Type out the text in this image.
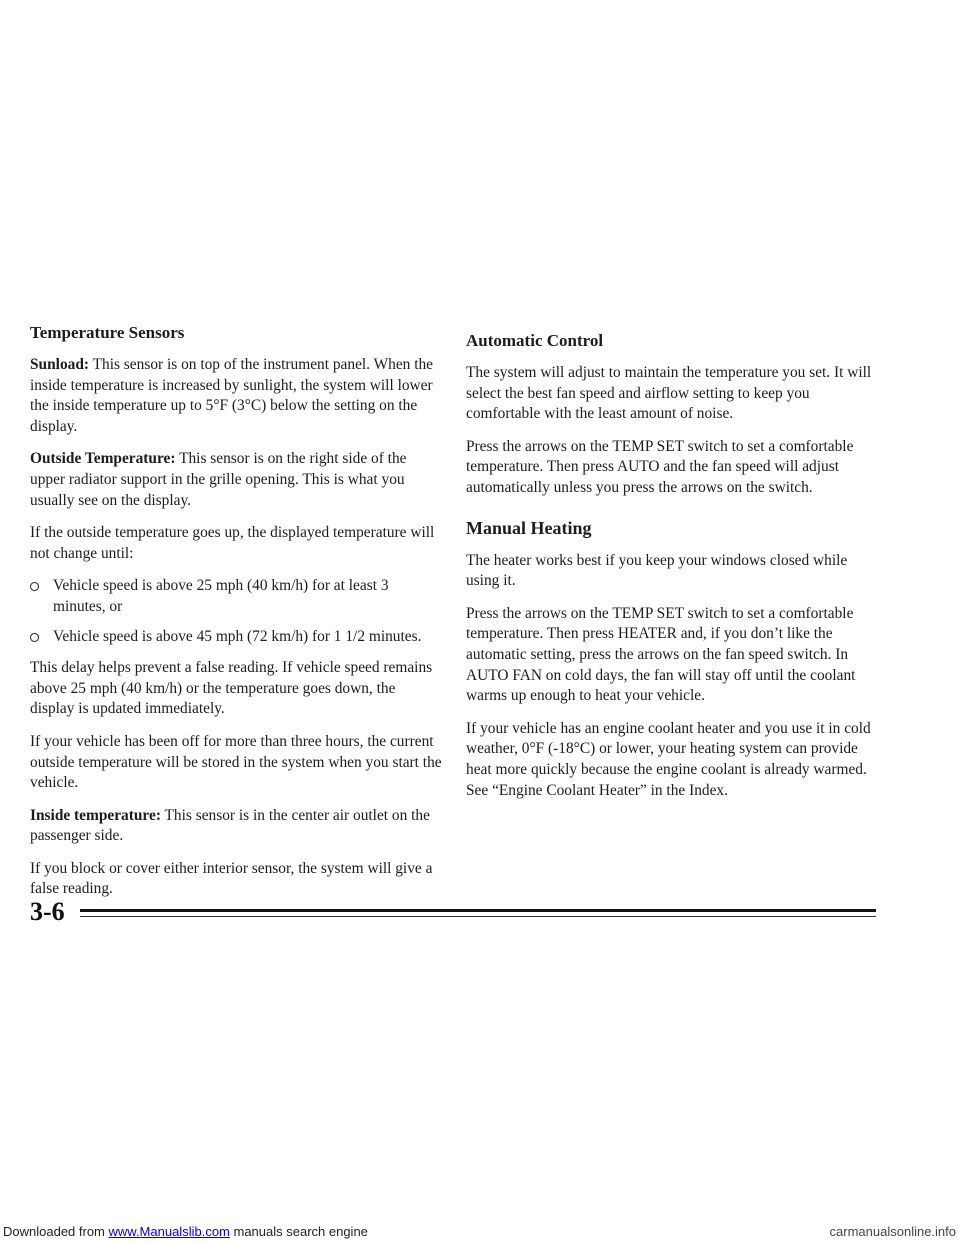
Temperature Sensors

Sunload: This sensor is on top of the instrument panel. When the inside temperature is increased by sunlight, the system will lower the inside temperature up to 5°F (3°C) below the setting on the display.

Outside Temperature: This sensor is on the right side of the upper radiator support in the grille opening. This is what you usually see on the display.

If the outside temperature goes up, the displayed temperature will not change until:

Vehicle speed is above 25 mph (40 km/h) for at least 3 minutes, or
Vehicle speed is above 45 mph (72 km/h) for 1 1/2 minutes.

This delay helps prevent a false reading. If vehicle speed remains above 25 mph (40 km/h) or the temperature goes down, the display is updated immediately.

If your vehicle has been off for more than three hours, the current outside temperature will be stored in the system when you start the vehicle.

Inside temperature: This sensor is in the center air outlet on the passenger side.

If you block or cover either interior sensor, the system will give a false reading.

Automatic Control

The system will adjust to maintain the temperature you set. It will select the best fan speed and airflow setting to keep you comfortable with the least amount of noise.

Press the arrows on the TEMP SET switch to set a comfortable temperature. Then press AUTO and the fan speed will adjust automatically unless you press the arrows on the switch.

Manual Heating

The heater works best if you keep your windows closed while using it.

Press the arrows on the TEMP SET switch to set a comfortable temperature. Then press HEATER and, if you don’t like the automatic setting, press the arrows on the fan speed switch. In AUTO FAN on cold days, the fan will stay off until the coolant warms up enough to heat your vehicle.

If your vehicle has an engine coolant heater and you use it in cold weather, 0°F (-18°C) or lower, your heating system can provide heat more quickly because the engine coolant is already warmed. See “Engine Coolant Heater” in the Index.

3-6
Downloaded from www.Manualslib.com manuals search engine	carmanualsonline.info
